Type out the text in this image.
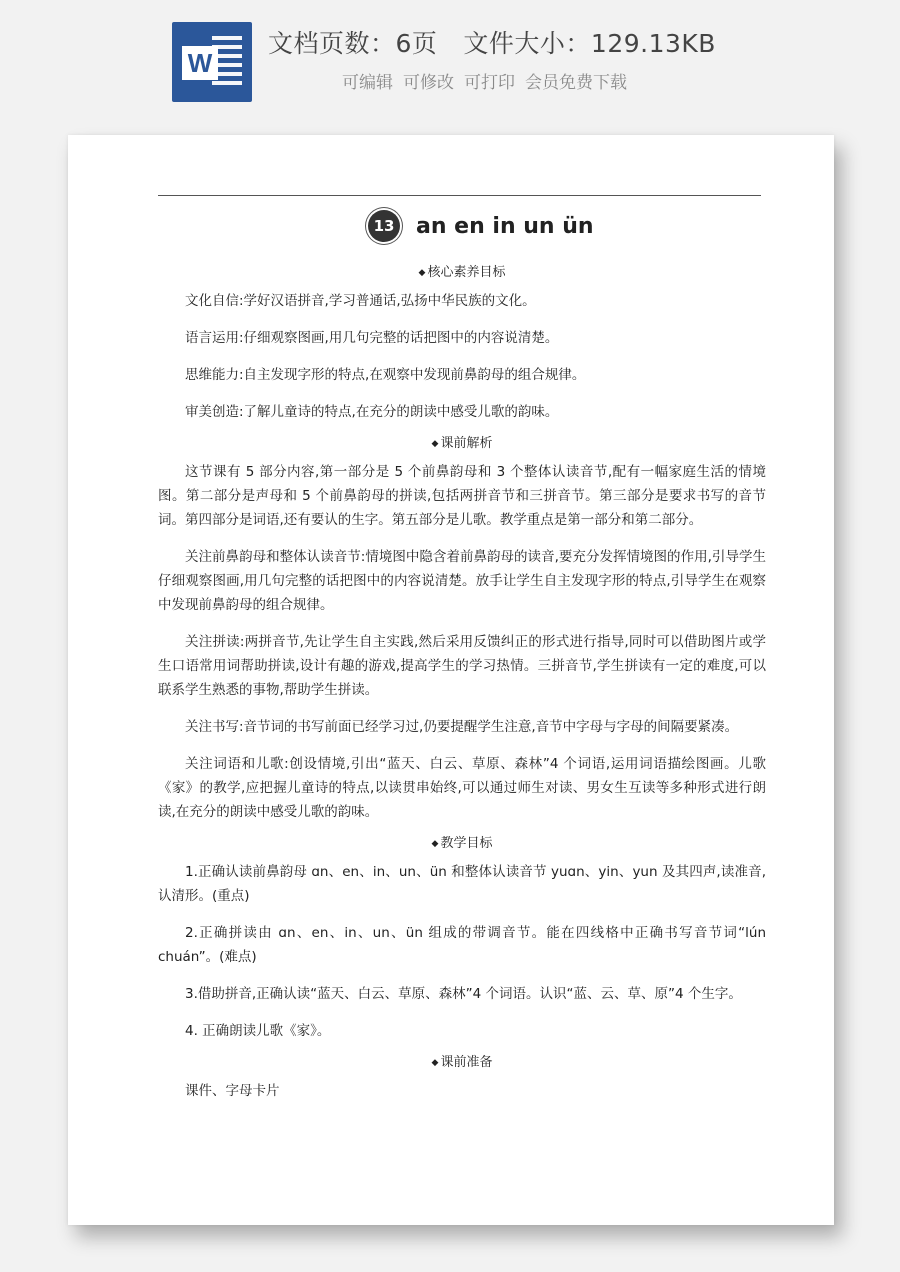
W
文档页数：6页 文件大小：129.13KB
可编辑 可修改 可打印 会员免费下载
13 an en in un ün
◆ 核心素养目标

文化自信:学好汉语拼音,学习普通话,弘扬中华民族的文化。

语言运用:仔细观察图画,用几句完整的话把图中的内容说清楚。

思维能力:自主发现字形的特点,在观察中发现前鼻韵母的组合规律。

审美创造:了解儿童诗的特点,在充分的朗读中感受儿歌的韵味。

◆ 课前解析

这节课有 5 部分内容,第一部分是 5 个前鼻韵母和 3 个整体认读音节,配有一幅家庭生活的情境图。第二部分是声母和 5 个前鼻韵母的拼读,包括两拼音节和三拼音节。第三部分是要求书写的音节词。第四部分是词语,还有要认的生字。第五部分是儿歌。教学重点是第一部分和第二部分。

关注前鼻韵母和整体认读音节:情境图中隐含着前鼻韵母的读音,要充分发挥情境图的作用,引导学生仔细观察图画,用几句完整的话把图中的内容说清楚。放手让学生自主发现字形的特点,引导学生在观察中发现前鼻韵母的组合规律。

关注拼读:两拼音节,先让学生自主实践,然后采用反馈纠正的形式进行指导,同时可以借助图片或学生口语常用词帮助拼读,设计有趣的游戏,提高学生的学习热情。三拼音节,学生拼读有一定的难度,可以联系学生熟悉的事物,帮助学生拼读。

关注书写:音节词的书写前面已经学习过,仍要提醒学生注意,音节中字母与字母的间隔要紧凑。

关注词语和儿歌:创设情境,引出“蓝天、白云、草原、森林”4 个词语,运用词语描绘图画。儿歌《家》的教学,应把握儿童诗的特点,以读贯串始终,可以通过师生对读、男女生互读等多种形式进行朗读,在充分的朗读中感受儿歌的韵味。

◆ 教学目标

1.正确认读前鼻韵母 ɑn、en、in、un、ün 和整体认读音节 yuɑn、yin、yun 及其四声,读准音,认清形。(重点)

2.正确拼读由 ɑn、en、in、un、ün 组成的带调音节。能在四线格中正确书写音节词“lún chuán”。(难点)

3.借助拼音,正确认读“蓝天、白云、草原、森林”4 个词语。认识“蓝、云、草、原”4 个生字。

4. 正确朗读儿歌《家》。

◆ 课前准备

课件、字母卡片
